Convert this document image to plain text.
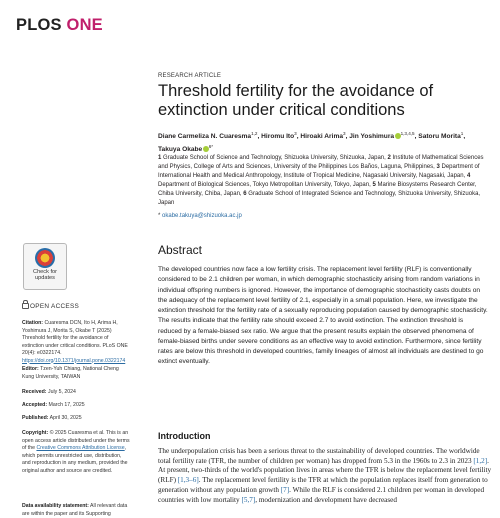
PLOS ONE
RESEARCH ARTICLE
Threshold fertility for the avoidance of extinction under critical conditions
Diane Carmeliza N. Cuaresma$^{1,2}$, Hiromu Ito$^3$, Hiroaki Arima$^3$, Jin Yoshimura $^{1,3,4,5}$, Satoru Morita$^1$, Takuya Okabe $^{6*}$
1 Graduate School of Science and Technology, Shizuoka University, Shizuoka, Japan, 2 Institute of Mathematical Sciences and Physics, College of Arts and Sciences, University of the Philippines Los Baños, Laguna, Philippines, 3 Department of International Health and Medical Anthropology, Institute of Tropical Medicine, Nagasaki University, Nagasaki, Japan, 4 Department of Biological Sciences, Tokyo Metropolitan University, Tokyo, Japan, 5 Marine Biosystems Research Center, Chiba University, Chiba, Japan, 6 Graduate School of Integrated Science and Technology, Shizuoka University, Shizuoka, Japan
* okabe.takuya@shizuoka.ac.jp
Check for
updates
Abstract

The developed countries now face a low fertility crisis. The replacement level fertility (RLF) is conventionally considered to be 2.1 children per woman, in which demographic stochasticity arising from random variations in individual offspring numbers is ignored. However, the importance of demographic stochasticity casts doubts on the adequacy of the replacement level fertility of 2.1, especially in a small population. Here, we investigate the extinction threshold for the fertility rate of a sexually reproducing population caused by demographic stochasticity. The results indicate that the fertility rate should exceed 2.7 to avoid extinction. The extinction threshold is reduced by a female-biased sex ratio. We argue that the present results explain the observed phenomena of female-biased births under severe conditions as an effective way to avoid extinction. Furthermore, since fertility rates are below this threshold in developed countries, family lineages of almost all individuals are destined to go extinct eventually.

OPEN ACCESS
Citation: Cuaresma DCN, Ito H, Arima H, Yoshimura J, Morita S, Okabe T (2025) Threshold fertility for the avoidance of extinction under critical conditions. PLoS ONE 20(4): e0322174. https://doi.org/10.1371/journal.pone.0322174
Editor: Tzen-Yuh Chiang, National Cheng Kung University, TAIWAN
Received: July 5, 2024
Accepted: March 17, 2025
Published: April 30, 2025
Copyright: © 2025 Cuaresma et al. This is an open access article distributed under the terms of the Creative Commons Attribution License, which permits unrestricted use, distribution, and reproduction in any medium, provided the original author and source are credited.
Data availability statement: All relevant data are within the paper and its Supporting
Introduction

The underpopulation crisis has been a serious threat to the sustainability of developed countries. The worldwide total fertility rate (TFR, the number of children per woman) has dropped from 5.3 in the 1960s to 2.3 in 2023 [1,2]. At present, two-thirds of the world's population lives in areas where the TFR is below the replacement level fertility (RLF) [1,3–6]. The replacement level fertility is the TFR at which the population replaces itself from generation to generation without any population growth [7]. While the RLF is considered 2.1 children per woman in developed countries with low mortality [5,7], modernization and development have decreased
